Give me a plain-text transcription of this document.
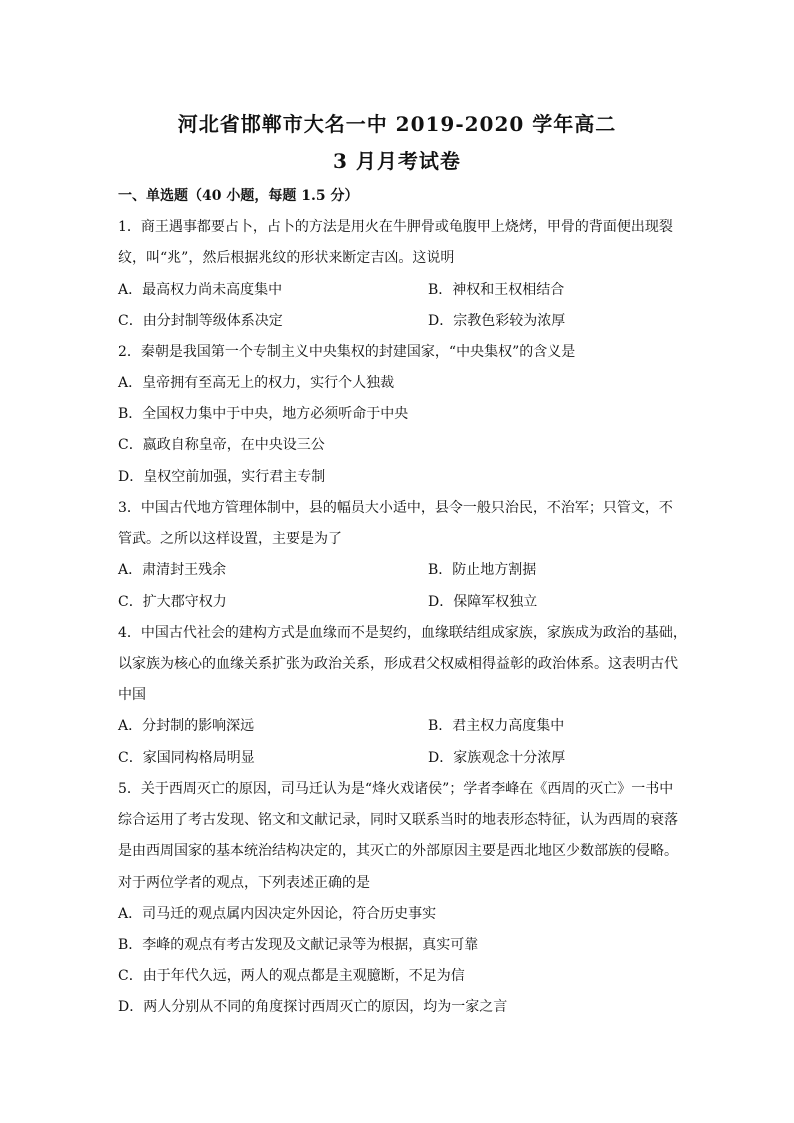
河北省邯郸市大名一中 2019-2020 学年高二
3 月月考试卷
一、单选题（40 小题，每题 1.5 分）
1．商王遇事都要占卜，占卜的方法是用火在牛胛骨或龟腹甲上烧烤，甲骨的背面便出现裂
纹，叫“兆”，然后根据兆纹的形状来断定吉凶。这说明
A．最高权力尚未高度集中	B．神权和王权相结合
C．由分封制等级体系决定	D．宗教色彩较为浓厚
2．秦朝是我国第一个专制主义中央集权的封建国家，“中央集权”的含义是
A．皇帝拥有至高无上的权力，实行个人独裁
B．全国权力集中于中央，地方必须听命于中央
C．嬴政自称皇帝，在中央设三公
D．皇权空前加强，实行君主专制
3．中国古代地方管理体制中，县的幅员大小适中，县令一般只治民，不治军；只管文，不
管武。之所以这样设置，主要是为了
A．肃清封王残余	B．防止地方割据
C．扩大郡守权力	D．保障军权独立
4．中国古代社会的建构方式是血缘而不是契约，血缘联结组成家族，家族成为政治的基础，
以家族为核心的血缘关系扩张为政治关系，形成君父权威相得益彰的政治体系。这表明古代
中国
A．分封制的影响深远	B．君主权力高度集中
C．家国同构格局明显	D．家族观念十分浓厚
5．关于西周灭亡的原因，司马迁认为是“烽火戏诸侯”；学者李峰在《西周的灭亡》一书中
综合运用了考古发现、铭文和文献记录，同时又联系当时的地表形态特征，认为西周的衰落
是由西周国家的基本统治结构决定的，其灭亡的外部原因主要是西北地区少数部族的侵略。
对于两位学者的观点，下列表述正确的是
A．司马迁的观点属内因决定外因论，符合历史事实
B．李峰的观点有考古发现及文献记录等为根据，真实可靠
C．由于年代久远，两人的观点都是主观臆断，不足为信
D．两人分别从不同的角度探讨西周灭亡的原因，均为一家之言
